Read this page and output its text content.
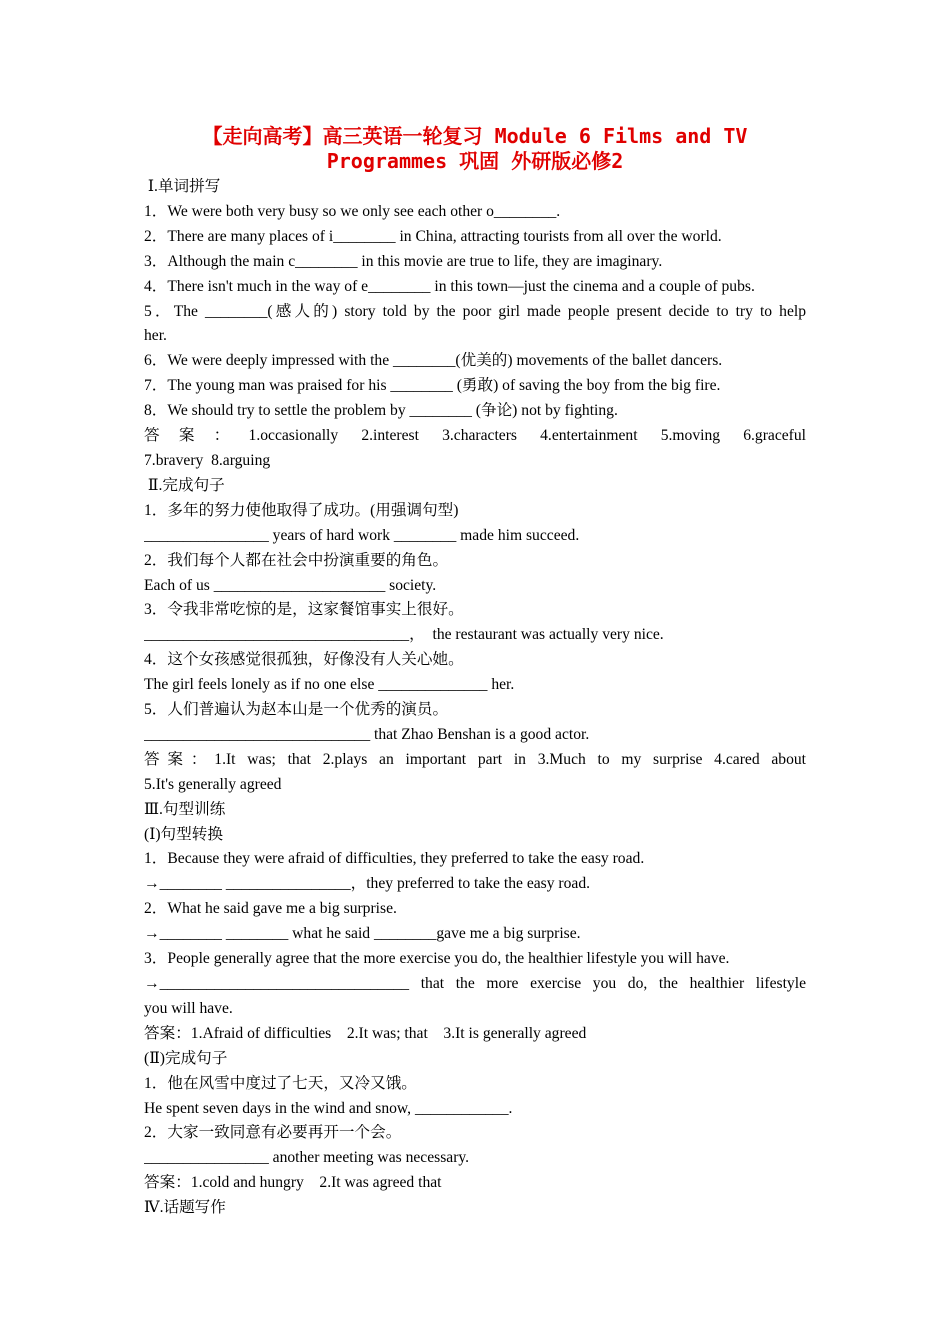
【走向高考】高三英语一轮复习 Module 6 Films and TV
Programmes 巩固 外研版必修2
Ⅰ.单词拼写
1．We were both very busy so we only see each other o________.
2．There are many places of i________ in China, attracting tourists from all over the world.
3．Although the main c________ in this movie are true to life, they are imaginary.
4．There isn't much in the way of e________ in this town—just the cinema and a couple of pubs.
5．The ________(感人的) story told by the poor girl made people present decide to try to help
her.
6．We were deeply impressed with the ________(优美的) movements of the ballet dancers.
7．The young man was praised for his ________ (勇敢) of saving the boy from the big fire.
8．We should try to settle the problem by ________ (争论) not by fighting.
答案：1.occasionally 2.interest 3.characters 4.entertainment 5.moving 6.graceful
7.bravery  8.arguing
Ⅱ.完成句子
1．多年的努力使他取得了成功。(用强调句型)
________________ years of hard work ________ made him succeed.
2．我们每个人都在社会中扮演重要的角色。
Each of us ______________________ society.
3．令我非常吃惊的是，这家餐馆事实上很好。
__________________________________，  the restaurant was actually very nice.
4．这个女孩感觉很孤独，好像没有人关心她。
The girl feels lonely as if no one else ______________ her.
5．人们普遍认为赵本山是一个优秀的演员。
_____________________________ that Zhao Benshan is a good actor.
答案：1.It was; that 2.plays an important part in 3.Much to my surprise 4.cared about
5.It's generally agreed
Ⅲ.句型训练
(Ⅰ)句型转换
1．Because they were afraid of difficulties, they preferred to take the easy road.
→________ ________________，they preferred to take the easy road.
2．What he said gave me a big surprise.
→________ ________ what he said ________gave me a big surprise.
3．People generally agree that the more exercise you do, the healthier lifestyle you will have.
→________________________________ that the more exercise you do, the healthier lifestyle
you will have.
答案：1.Afraid of difficulties    2.It was; that    3.It is generally agreed
(Ⅱ)完成句子
1．他在风雪中度过了七天，又冷又饿。
He spent seven days in the wind and snow, ____________.
2．大家一致同意有必要再开一个会。
________________ another meeting was necessary.
答案：1.cold and hungry    2.It was agreed that
Ⅳ.话题写作
